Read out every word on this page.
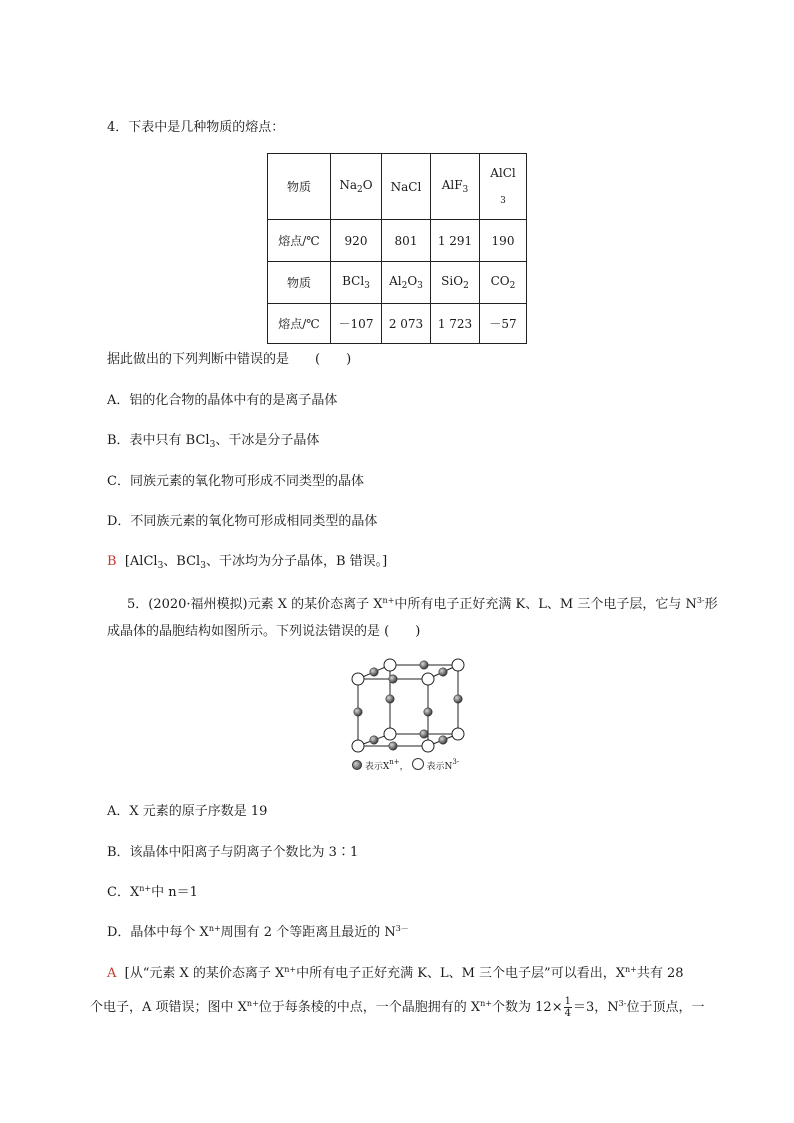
4．下表中是几种物质的熔点：
物质	$Na_2O$	NaCl	AlF$_3$	AlCl
3
熔点/℃	920	801	1 291	190
物质	BCl$_3$	$Al_2O_3$	SiO$_2$	$CO_2$
熔点/℃	－107	2 073	1 723	－57
据此做出的下列判断中错误的是　　(　　)
A．铝的化合物的晶体中有的是离子晶体
B．表中只有 BCl$_3$、干冰是分子晶体
C．同族元素的氧化物可形成不同类型的晶体
D．不同族元素的氧化物可形成相同类型的晶体
B [AlCl$_3$、BCl$_3$、干冰均为分子晶体，B 错误。]
5．(2020·福州模拟)元素 X 的某价态离子 $X^{n+}$中所有电子正好充满 K、L、M 三个电子层，它与 $N^{3-}$形
成晶体的晶胞结构如图所示。下列说法错误的是 (　　)
表示$X^{n+}$， 表示$N^{3-}$
A．X 元素的原子序数是 19
B．该晶体中阳离子与阴离子个数比为 3∶1
C．$X^{n+}$中 n＝1
D．晶体中每个 $X^{n+}$周围有 2 个等距离且最近的 $N^{3-}$
A [从“元素 X 的某价态离子 $X^{n+}$中所有电子正好充满 K、L、M 三个电子层”可以看出，$X^{n+}$共有 28
个电子，A 项错误；图中 $X^{n+}$位于每条棱的中点，一个晶胞拥有的 $X^{n+}$个数为 $12\times \frac{1}{4} =3$，$N^{3-}$位于顶点，一
